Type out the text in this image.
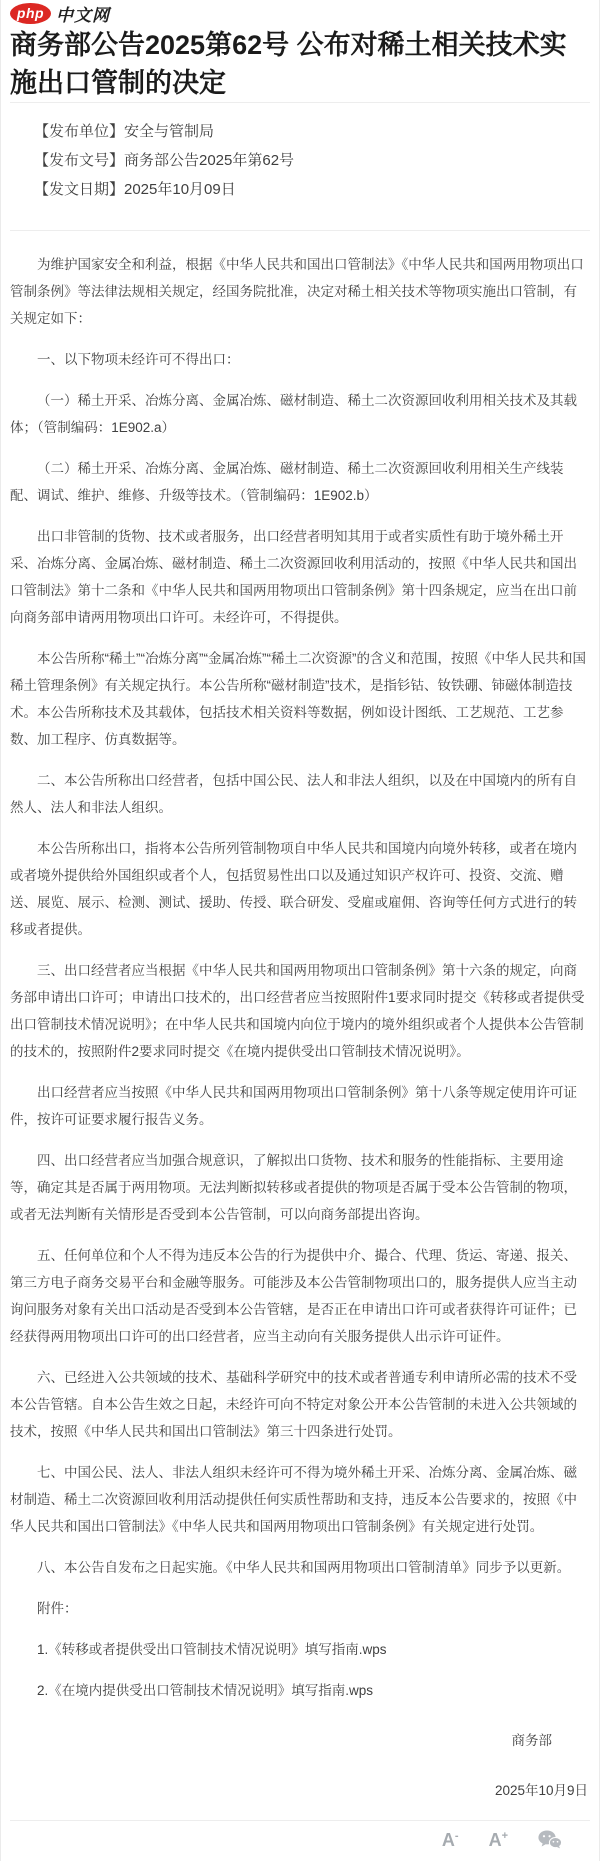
php 中文网
商务部公告2025第62号 公布对稀土相关技术实施出口管制的决定

【发布单位】安全与管制局

【发布文号】商务部公告2025年第62号

【发文日期】2025年10月09日

为维护国家安全和利益，根据《中华人民共和国出口管制法》《中华人民共和国两用物项出口管制条例》等法律法规相关规定，经国务院批准，决定对稀土相关技术等物项实施出口管制，有关规定如下：

一、以下物项未经许可不得出口：

（一）稀土开采、冶炼分离、金属冶炼、磁材制造、稀土二次资源回收利用相关技术及其载体；（管制编码：1E902.a）

（二）稀土开采、冶炼分离、金属冶炼、磁材制造、稀土二次资源回收利用相关生产线装配、调试、维护、维修、升级等技术。（管制编码：1E902.b）

出口非管制的货物、技术或者服务，出口经营者明知其用于或者实质性有助于境外稀土开采、冶炼分离、金属冶炼、磁材制造、稀土二次资源回收利用活动的，按照《中华人民共和国出口管制法》第十二条和《中华人民共和国两用物项出口管制条例》第十四条规定，应当在出口前向商务部申请两用物项出口许可。未经许可，不得提供。

本公告所称“稀土”“冶炼分离”“金属冶炼”“稀土二次资源”的含义和范围，按照《中华人民共和国稀土管理条例》有关规定执行。本公告所称“磁材制造”技术，是指钐钴、钕铁硼、铈磁体制造技术。本公告所称技术及其载体，包括技术相关资料等数据，例如设计图纸、工艺规范、工艺参数、加工程序、仿真数据等。

二、本公告所称出口经营者，包括中国公民、法人和非法人组织，以及在中国境内的所有自然人、法人和非法人组织。

本公告所称出口，指将本公告所列管制物项自中华人民共和国境内向境外转移，或者在境内或者境外提供给外国组织或者个人，包括贸易性出口以及通过知识产权许可、投资、交流、赠送、展览、展示、检测、测试、援助、传授、联合研发、受雇或雇佣、咨询等任何方式进行的转移或者提供。

三、出口经营者应当根据《中华人民共和国两用物项出口管制条例》第十六条的规定，向商务部申请出口许可；申请出口技术的，出口经营者应当按照附件1要求同时提交《转移或者提供受出口管制技术情况说明》；在中华人民共和国境内向位于境内的境外组织或者个人提供本公告管制的技术的，按照附件2要求同时提交《在境内提供受出口管制技术情况说明》。

出口经营者应当按照《中华人民共和国两用物项出口管制条例》第十八条等规定使用许可证件，按许可证要求履行报告义务。

四、出口经营者应当加强合规意识，了解拟出口货物、技术和服务的性能指标、主要用途等，确定其是否属于两用物项。无法判断拟转移或者提供的物项是否属于受本公告管制的物项，或者无法判断有关情形是否受到本公告管制，可以向商务部提出咨询。

五、任何单位和个人不得为违反本公告的行为提供中介、撮合、代理、货运、寄递、报关、第三方电子商务交易平台和金融等服务。可能涉及本公告管制物项出口的，服务提供人应当主动询问服务对象有关出口活动是否受到本公告管辖，是否正在申请出口许可或者获得许可证件；已经获得两用物项出口许可的出口经营者，应当主动向有关服务提供人出示许可证件。

六、已经进入公共领域的技术、基础科学研究中的技术或者普通专利申请所必需的技术不受本公告管辖。自本公告生效之日起，未经许可向不特定对象公开本公告管制的未进入公共领域的技术，按照《中华人民共和国出口管制法》第三十四条进行处罚。

七、中国公民、法人、非法人组织未经许可不得为境外稀土开采、冶炼分离、金属冶炼、磁材制造、稀土二次资源回收利用活动提供任何实质性帮助和支持，违反本公告要求的，按照《中华人民共和国出口管制法》《中华人民共和国两用物项出口管制条例》有关规定进行处罚。

八、本公告自发布之日起实施。《中华人民共和国两用物项出口管制清单》同步予以更新。

附件：

1.《转移或者提供受出口管制技术情况说明》填写指南.wps

2.《在境内提供受出口管制技术情况说明》填写指南.wps

商务部

2025年10月9日

A- A+
